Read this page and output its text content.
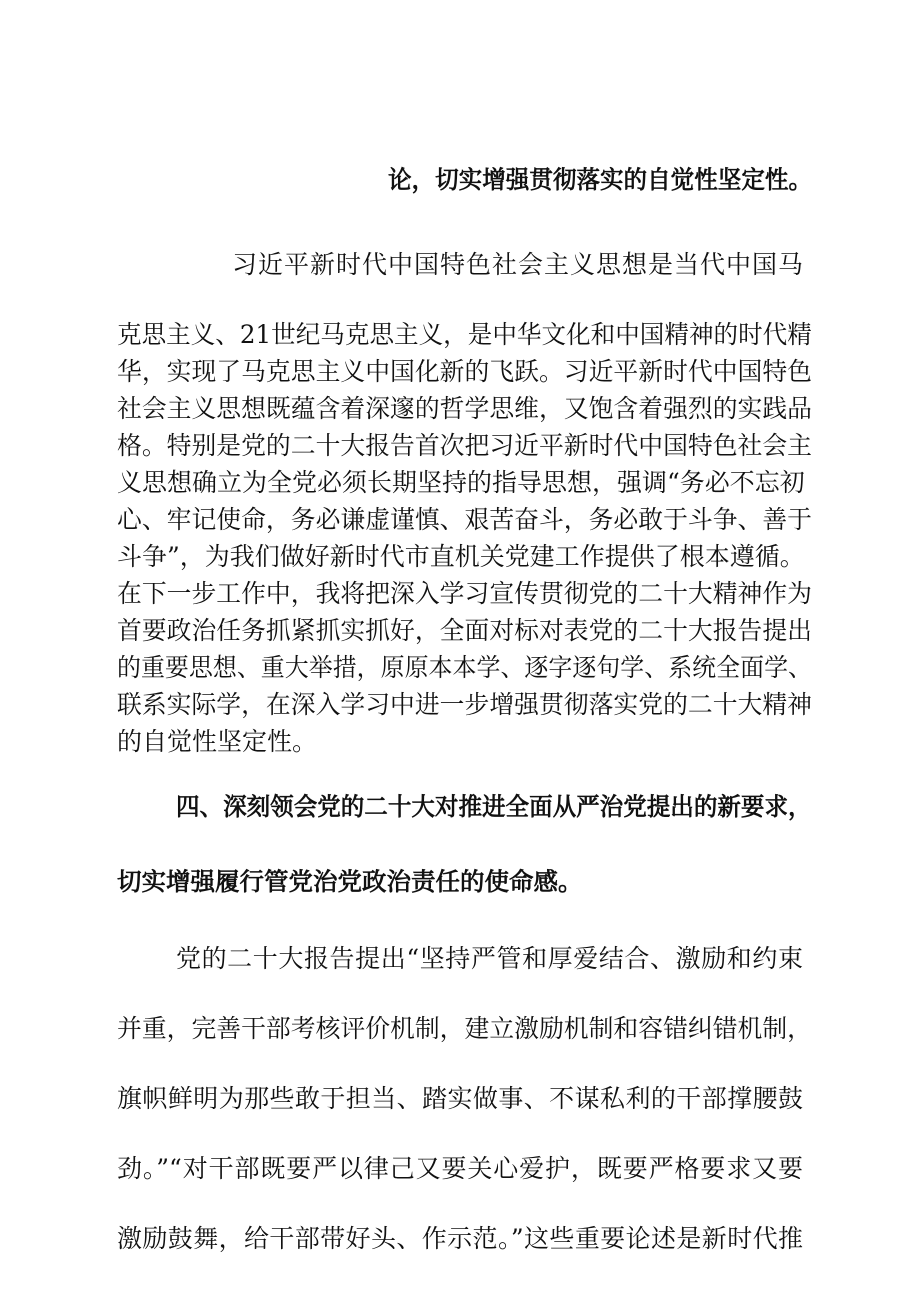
论，切实增强贯彻落实的自觉性坚定性。
习近平新时代中国特色社会主义思想是当代中国马
克思主义、21世纪马克思主义，是中华文化和中国精神的时代精
华，实现了马克思主义中国化新的飞跃。习近平新时代中国特色
社会主义思想既蕴含着深邃的哲学思维，又饱含着强烈的实践品
格。特别是党的二十大报告首次把习近平新时代中国特色社会主
义思想确立为全党必须长期坚持的指导思想，强调“务必不忘初
心、牢记使命，务必谦虚谨慎、艰苦奋斗，务必敢于斗争、善于
斗争”，为我们做好新时代市直机关党建工作提供了根本遵循。
在下一步工作中，我将把深入学习宣传贯彻党的二十大精神作为
首要政治任务抓紧抓实抓好，全面对标对表党的二十大报告提出
的重要思想、重大举措，原原本本学、逐字逐句学、系统全面学、
联系实际学，在深入学习中进一步增强贯彻落实党的二十大精神
的自觉性坚定性。
四、深刻领会党的二十大对推进全面从严治党提出的新要求，
切实增强履行管党治党政治责任的使命感。
党的二十大报告提出“坚持严管和厚爱结合、激励和约束
并重，完善干部考核评价机制，建立激励机制和容错纠错机制，
旗帜鲜明为那些敢于担当、踏实做事、不谋私利的干部撑腰鼓
劲。”“对干部既要严以律己又要关心爱护，既要严格要求又要
激励鼓舞，给干部带好头、作示范。”这些重要论述是新时代推
